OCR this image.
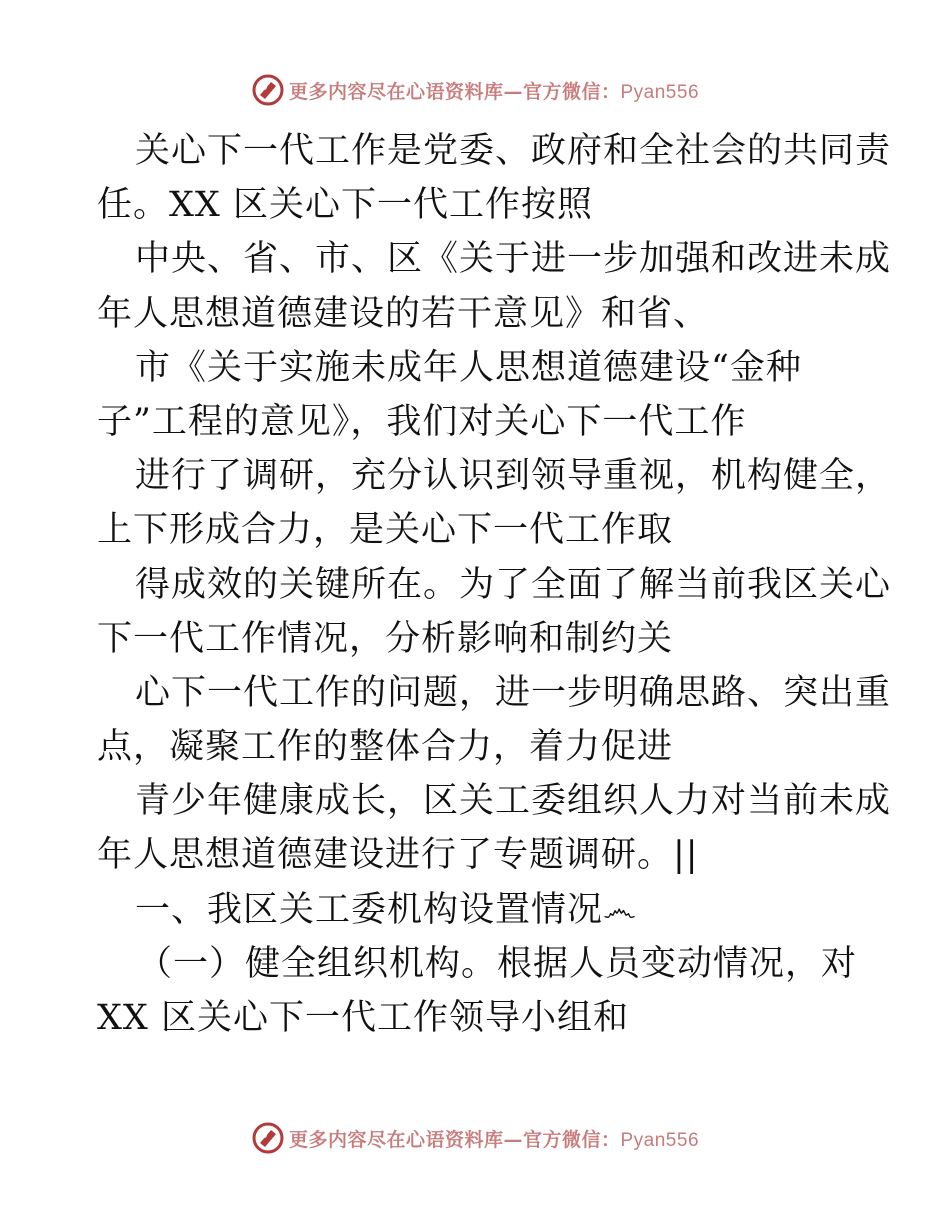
更多内容尽在心语资料库—官方微信：Pyan556
关心下一代工作是党委、政府和全社会的共同责
任。XX 区关心下一代工作按照
中央、省、市、区《关于进一步加强和改进未成
年人思想道德建设的若干意见》和省、
市《关于实施未成年人思想道德建设“金种
子”工程的意见》，我们对关心下一代工作
进行了调研，充分认识到领导重视，机构健全，
上下形成合力，是关心下一代工作取
得成效的关键所在。为了全面了解当前我区关心
下一代工作情况，分析影响和制约关
心下一代工作的问题，进一步明确思路、突出重
点，凝聚工作的整体合力，着力促进
青少年健康成长，区关工委组织人力对当前未成
年人思想道德建设进行了专题调研。||
一、我区关工委机构设置情况෴
（一）健全组织机构。根据人员变动情况，对
XX 区关心下一代工作领导小组和
更多内容尽在心语资料库—官方微信：Pyan556
